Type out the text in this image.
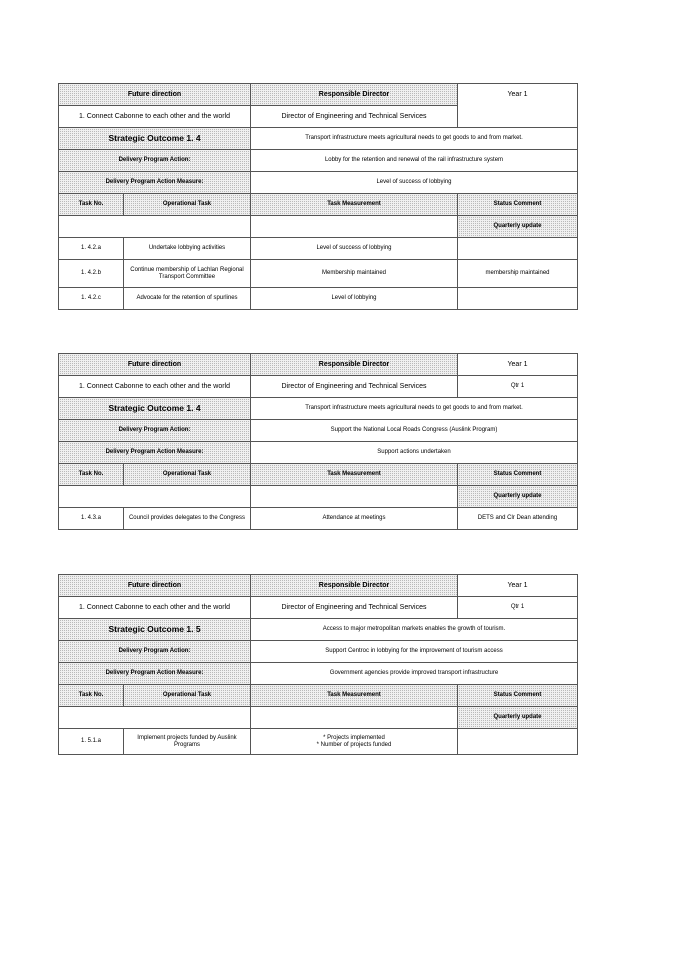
Future direction		Responsible Director	Year 1
1. Connect Cabonne to each other and the world		Director of Engineering and Technical Services	
Strategic Outcome 1. 4		Transport infrastructure meets agricultural needs to get goods to and from market.	
Delivery Program Action:		Lobby for the retention and renewal of the rail infrastructure system	
Delivery Program Action Measure:		Level of success of lobbying	
Task No.	Operational Task	Task Measurement	Status Comment
			Quarterly update
1. 4.2.a	Undertake lobbying activities	Level of success of lobbying	
1. 4.2.b	Continue membership of Lachlan Regional Transport Committee	Membership maintained	membership maintained
1. 4.2.c	Advocate for the retention of spurlines	Level of lobbying	
Future direction		Responsible Director	Year 1
1. Connect Cabonne to each other and the world		Director of Engineering and Technical Services	Qtr 1
Strategic Outcome 1. 4		Transport infrastructure meets agricultural needs to get goods to and from market.	
Delivery Program Action:		Support the National Local Roads Congress (Auslink Program)	
Delivery Program Action Measure:		Support actions undertaken	
Task No.	Operational Task	Task Measurement	Status Comment
			Quarterly update
1. 4.3.a	Council provides delegates to the Congress	Attendance at meetings	DETS and Clr Dean attending
Future direction		Responsible Director	Year 1
1. Connect Cabonne to each other and the world		Director of Engineering and Technical Services	Qtr 1
Strategic Outcome 1. 5		Access to major metropolitan markets enables the growth of tourism.	
Delivery Program Action:		Support Centroc in lobbying for the improvement of tourism access	
Delivery Program Action Measure:		Government agencies provide improved transport infrastructure	
Task No.	Operational Task	Task Measurement	Status Comment
			Quarterly update
1. 5.1.a	Implement projects funded by Auslink Programs	* Projects implemented
* Number of projects funded	
